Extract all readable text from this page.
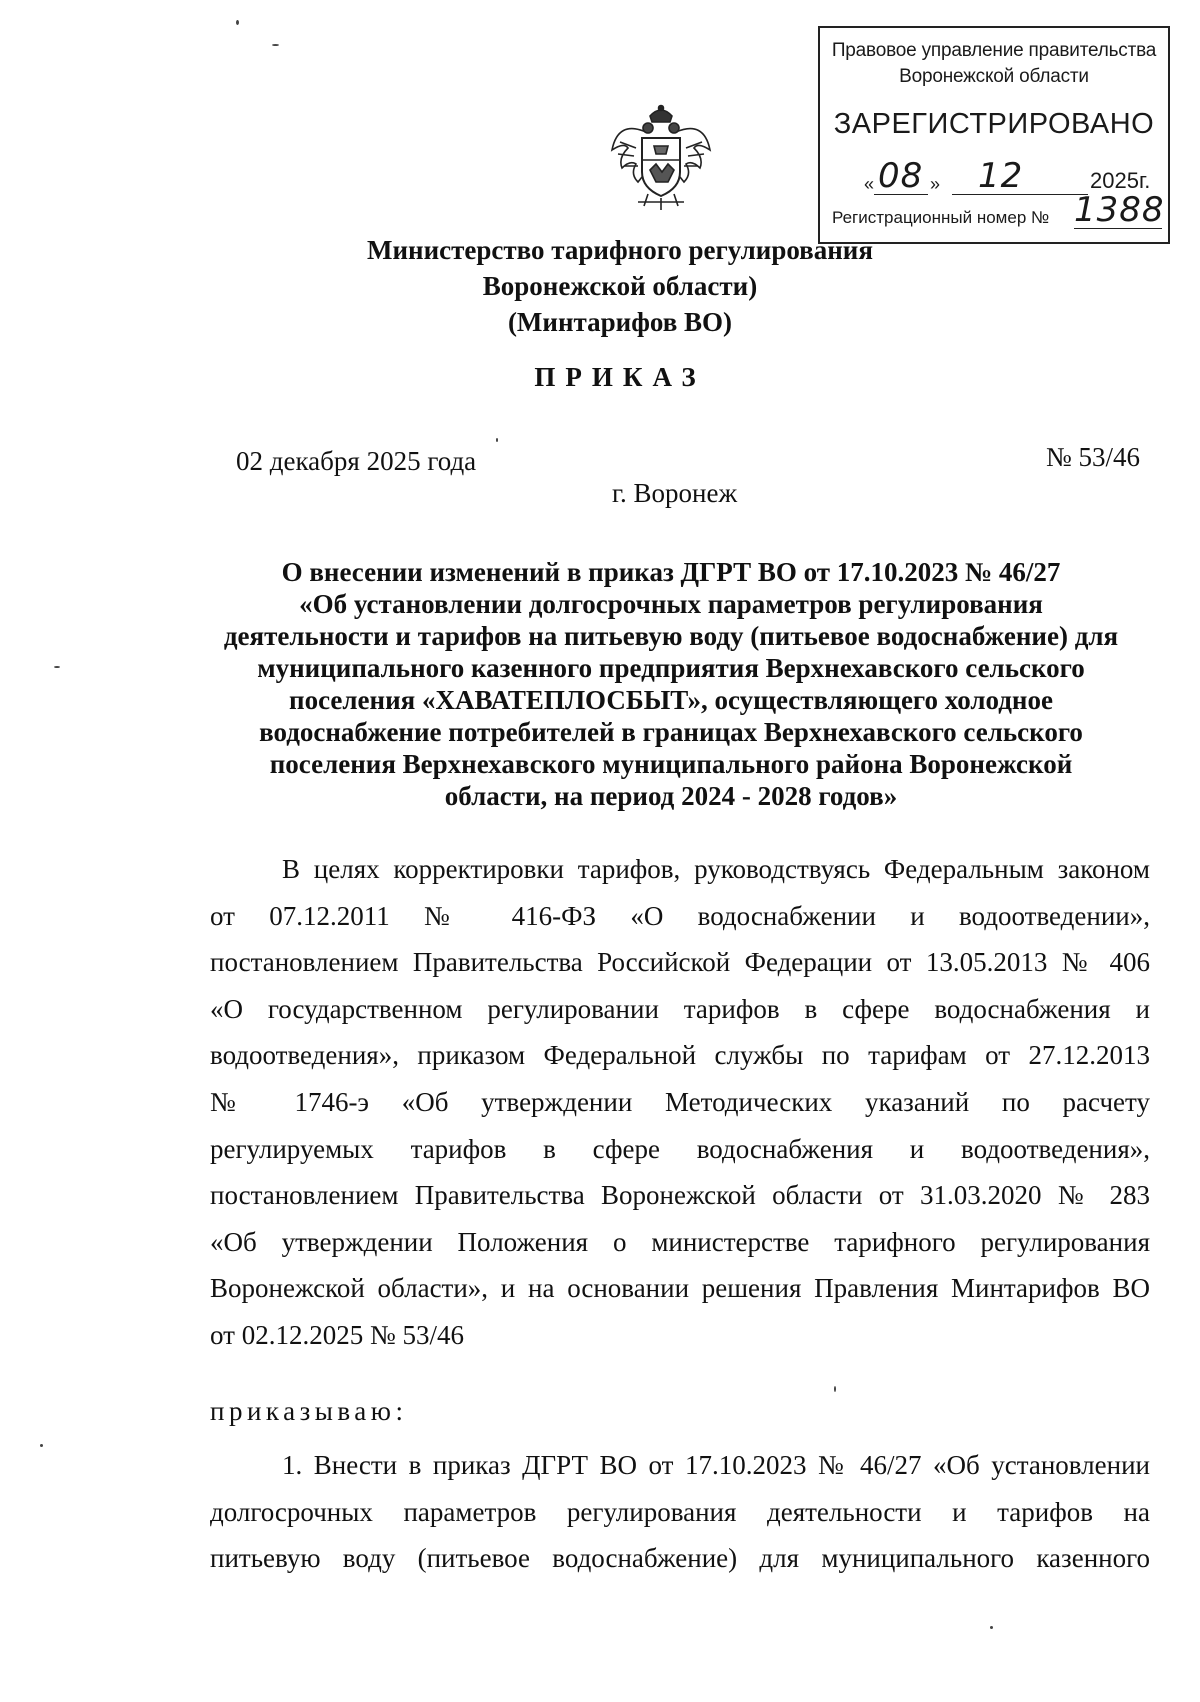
Правовое управление правительства
Воронежской области
ЗАРЕГИСТРИРОВАНО
« 08 » 12	2025г.
Регистрационный номер № 1388
Министерство тарифного регулирования
Воронежской области)
(Минтарифов ВО)
ПРИКАЗ
02 декабря 2025 года	№ 53/46
г. Воронеж
О внесении изменений в приказ ДГРТ ВО от 17.10.2023 № 46/27
«Об установлении долгосрочных параметров регулирования
деятельности и тарифов на питьевую воду (питьевое водоснабжение) для
муниципального казенного предприятия Верхнехавского сельского
поселения «ХАВАТЕПЛОСБЫТ», осуществляющего холодное
водоснабжение потребителей в границах Верхнехавского сельского
поселения Верхнехавского муниципального района Воронежской
области, на период 2024 - 2028 годов»
В целях корректировки тарифов, руководствуясь Федеральным законом
от 07.12.2011 № 416-ФЗ «О водоснабжении и водоотведении»,
постановлением Правительства Российской Федерации от 13.05.2013 № 406
«О государственном регулировании тарифов в сфере водоснабжения и
водоотведения», приказом Федеральной службы по тарифам от 27.12.2013
№ 1746-э «Об утверждении Методических указаний по расчету
регулируемых тарифов в сфере водоснабжения и водоотведения»,
постановлением Правительства Воронежской области от 31.03.2020 № 283
«Об утверждении Положения о министерстве тарифного регулирования
Воронежской области», и на основании решения Правления Минтарифов ВО
от 02.12.2025 № 53/46
приказываю:
1. Внести в приказ ДГРТ ВО от 17.10.2023 № 46/27 «Об установлении
долгосрочных параметров регулирования деятельности и тарифов на
питьевую воду (питьевое водоснабжение) для муниципального казенного
